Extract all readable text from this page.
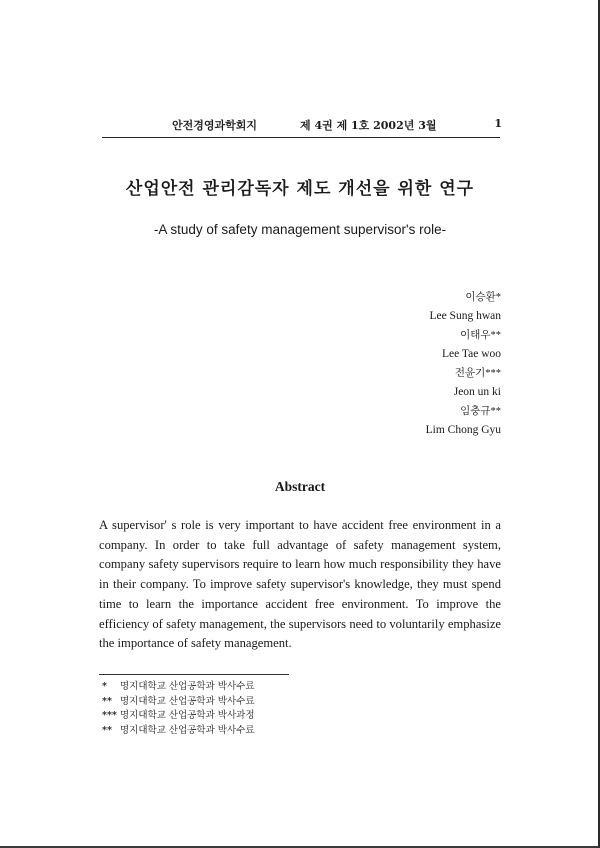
안전경영과학회지	제 4권 제 1호 2002년 3월	1
산업안전 관리감독자 제도 개선을 위한 연구
-A study of safety management supervisor's role-
이승환*
Lee Sung hwan
이태우**
Lee Tae woo
전윤기***
Jeon un ki
임충규**
Lim Chong Gyu
Abstract
A supervisor' s role is very important to have accident free environment in a company. In order to take full advantage of safety management system, company safety supervisors require to learn how much responsibility they have in their company. To improve safety supervisor's knowledge, they must spend time to learn the importance accident free environment. To improve the efficiency of safety management, the supervisors need to voluntarily emphasize the importance of safety management.
* 명지대학교 산업공학과 박사수료
** 명지대학교 산업공학과 박사수료
*** 명지대학교 산업공학과 박사과정
** 명지대학교 산업공학과 박사수료
